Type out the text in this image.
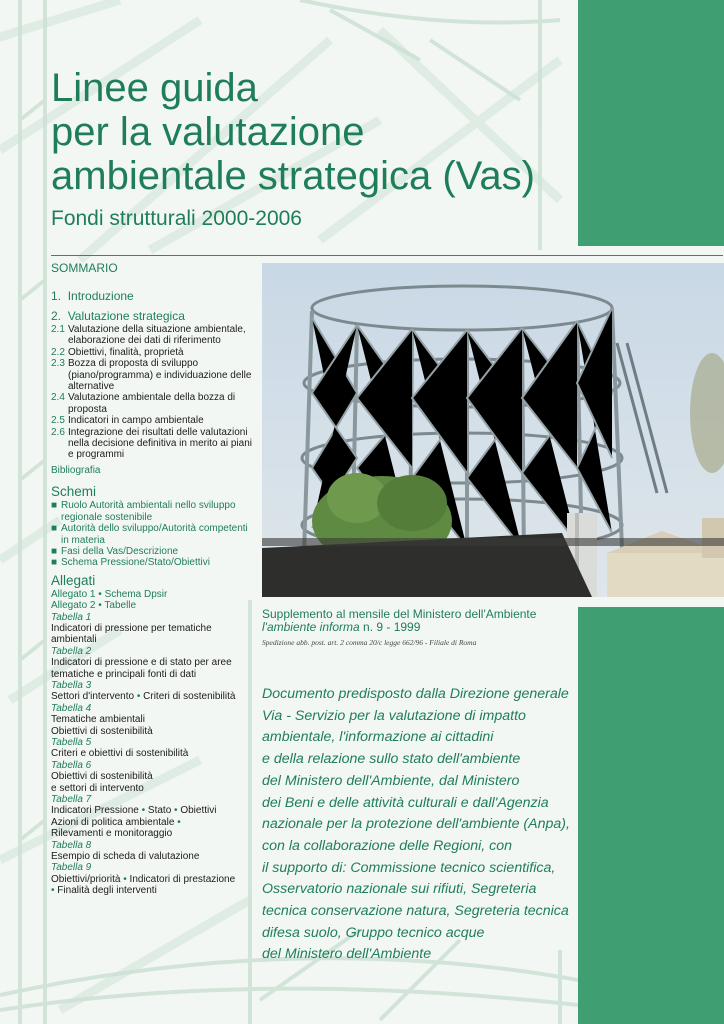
Linee guida
per la valutazione
ambientale strategica (Vas)
Fondi strutturali 2000-2006
SOMMARIO
1. Introduzione
2. Valutazione strategica
2.1 Valutazione della situazione ambientale, elaborazione dei dati di riferimento
2.2 Obiettivi, finalità, proprietà
2.3 Bozza di proposta di sviluppo (piano/programma) e individuazione delle alternative
2.4 Valutazione ambientale della bozza di proposta
2.5 Indicatori in campo ambientale
2.6 Integrazione dei risultati delle valutazioni nella decisione definitiva in merito ai piani e programmi
Bibliografia
Schemi
■ Ruolo Autorità ambientali nello sviluppo regionale sostenibile
■ Autorità dello sviluppo/Autorità competenti in materia
■ Fasi della Vas/Descrizione
■ Schema Pressione/Stato/Obiettivi
Allegati
Allegato 1 • Schema Dpsir
Allegato 2 • Tabelle
Tabella 1
Indicatori di pressione per tematiche ambientali
Tabella 2
Indicatori di pressione e di stato per aree tematiche e principali fonti di dati
Tabella 3
Settori d'intervento • Criteri di sostenibilità
Tabella 4
Tematiche ambientali
Obiettivi di sostenibilità
Tabella 5
Criteri e obiettivi di sostenibilità
Tabella 6
Obiettivi di sostenibilità
e settori di intervento
Tabella 7
Indicatori Pressione • Stato • Obiettivi
Azioni di politica ambientale •
Rilevamenti e monitoraggio
Tabella 8
Esempio di scheda di valutazione
Tabella 9
Obiettivi/priorità • Indicatori di prestazione
• Finalità degli interventi
Supplemento al mensile del Ministero dell'Ambiente
l'ambiente informa n. 9 - 1999
Spedizione abb. post. art. 2 comma 20/c legge 662/96 - Filiale di Roma

Documento predisposto dalla Direzione generale
Via - Servizio per la valutazione di impatto
ambientale, l'informazione ai cittadini
e della relazione sullo stato dell'ambiente
del Ministero dell'Ambiente, dal Ministero
dei Beni e delle attività culturali e dall'Agenzia
nazionale per la protezione dell'ambiente (Anpa),
con la collaborazione delle Regioni, con
il supporto di: Commissione tecnico scientifica,
Osservatorio nazionale sui rifiuti, Segreteria
tecnica conservazione natura, Segreteria tecnica
difesa suolo, Gruppo tecnico acque
del Ministero dell'Ambiente
